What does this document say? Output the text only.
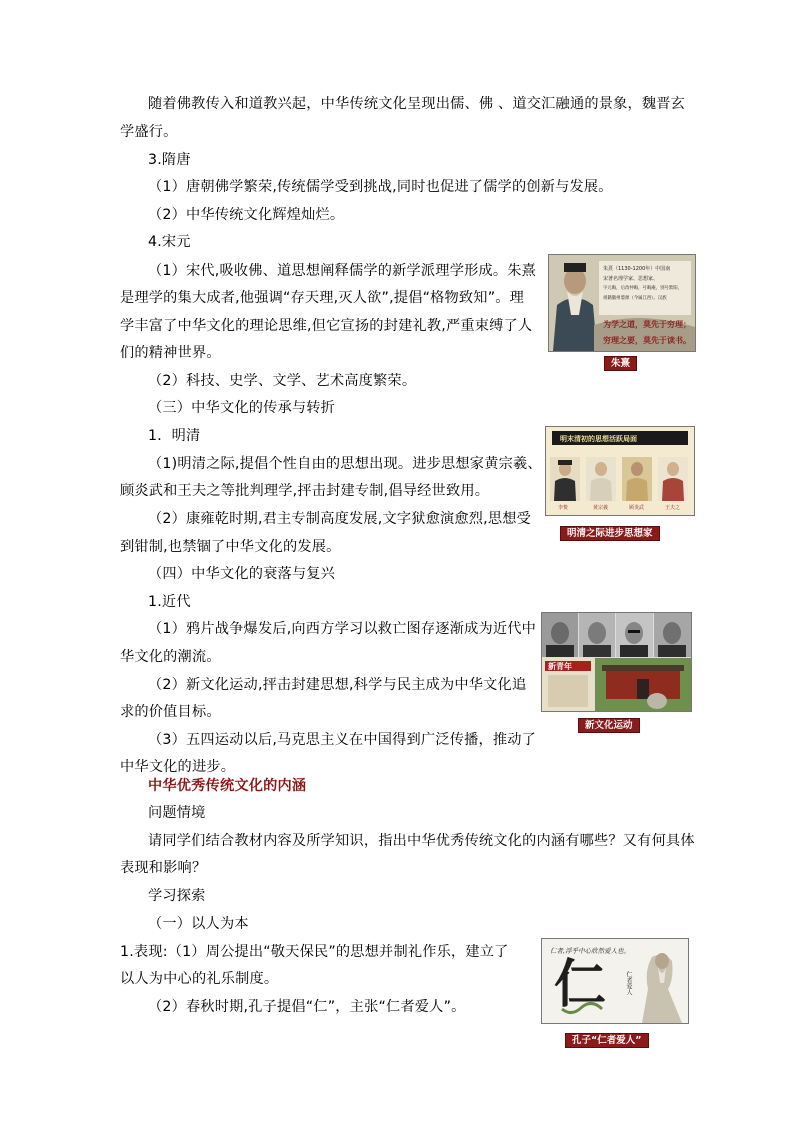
随着佛教传入和道教兴起，中华传统文化呈现出儒、佛 、道交汇融通的景象，魏晋玄

学盛行。

3.隋唐

（1）唐朝佛学繁荣,传统儒学受到挑战,同时也促进了儒学的创新与发展。

（2）中华传统文化辉煌灿烂。

4.宋元

（1）宋代,吸收佛、道思想阐释儒学的新学派理学形成。朱熹

是理学的集大成者,他强调“存天理,灭人欲”,提倡“格物致知”。理

学丰富了中华文化的理论思维,但它宣扬的封建礼教,严重束缚了人

们的精神世界。

（2）科技、史学、文学、艺术高度繁荣。

（三）中华文化的传承与转折

1．明清

（1)明清之际,提倡个性自由的思想出现。进步思想家黄宗羲、

顾炎武和王夫之等批判理学,抨击封建专制,倡导经世致用。

（2）康雍乾时期,君主专制高度发展,文字狱愈演愈烈,思想受

到钳制,也禁锢了中华文化的发展。

（四）中华文化的衰落与复兴

1.近代

（1）鸦片战争爆发后,向西方学习以救亡图存逐渐成为近代中

华文化的潮流。

（2）新文化运动,抨击封建思想,科学与民主成为中华文化追

求的价值目标。

（3）五四运动以后,马克思主义在中国得到广泛传播，推动了

中华文化的进步。

中华优秀传统文化的内涵

问题情境

请同学们结合教材内容及所学知识，指出中华优秀传统文化的内涵有哪些？又有何具体

表现和影响？

学习探索

（一）以人为本

1.表现:（1）周公提出“敬天保民”的思想并制礼作乐，建立了

以人为中心的礼乐制度。

（2）春秋时期,孔子提倡“仁”，主张“仁者爱人”。

朱熹（1130-1200年）中国南
宋著名理学家、思想家、
字元晦，后改仲晦，号晦庵，别号紫阳，
祖籍徽州婺源（今属江西）。汉族
为学之道，莫先于穷理；
穷理之要，莫先于读书。
朱熹
明末清初的思想活跃局面
李贽	黄宗羲	顾炎武	王夫之
明清之际进步思想家
新青年
新文化运动
仁者,浮乎中心欣然爱人也。
仁	仁者爱人
孔子“仁者爱人”
